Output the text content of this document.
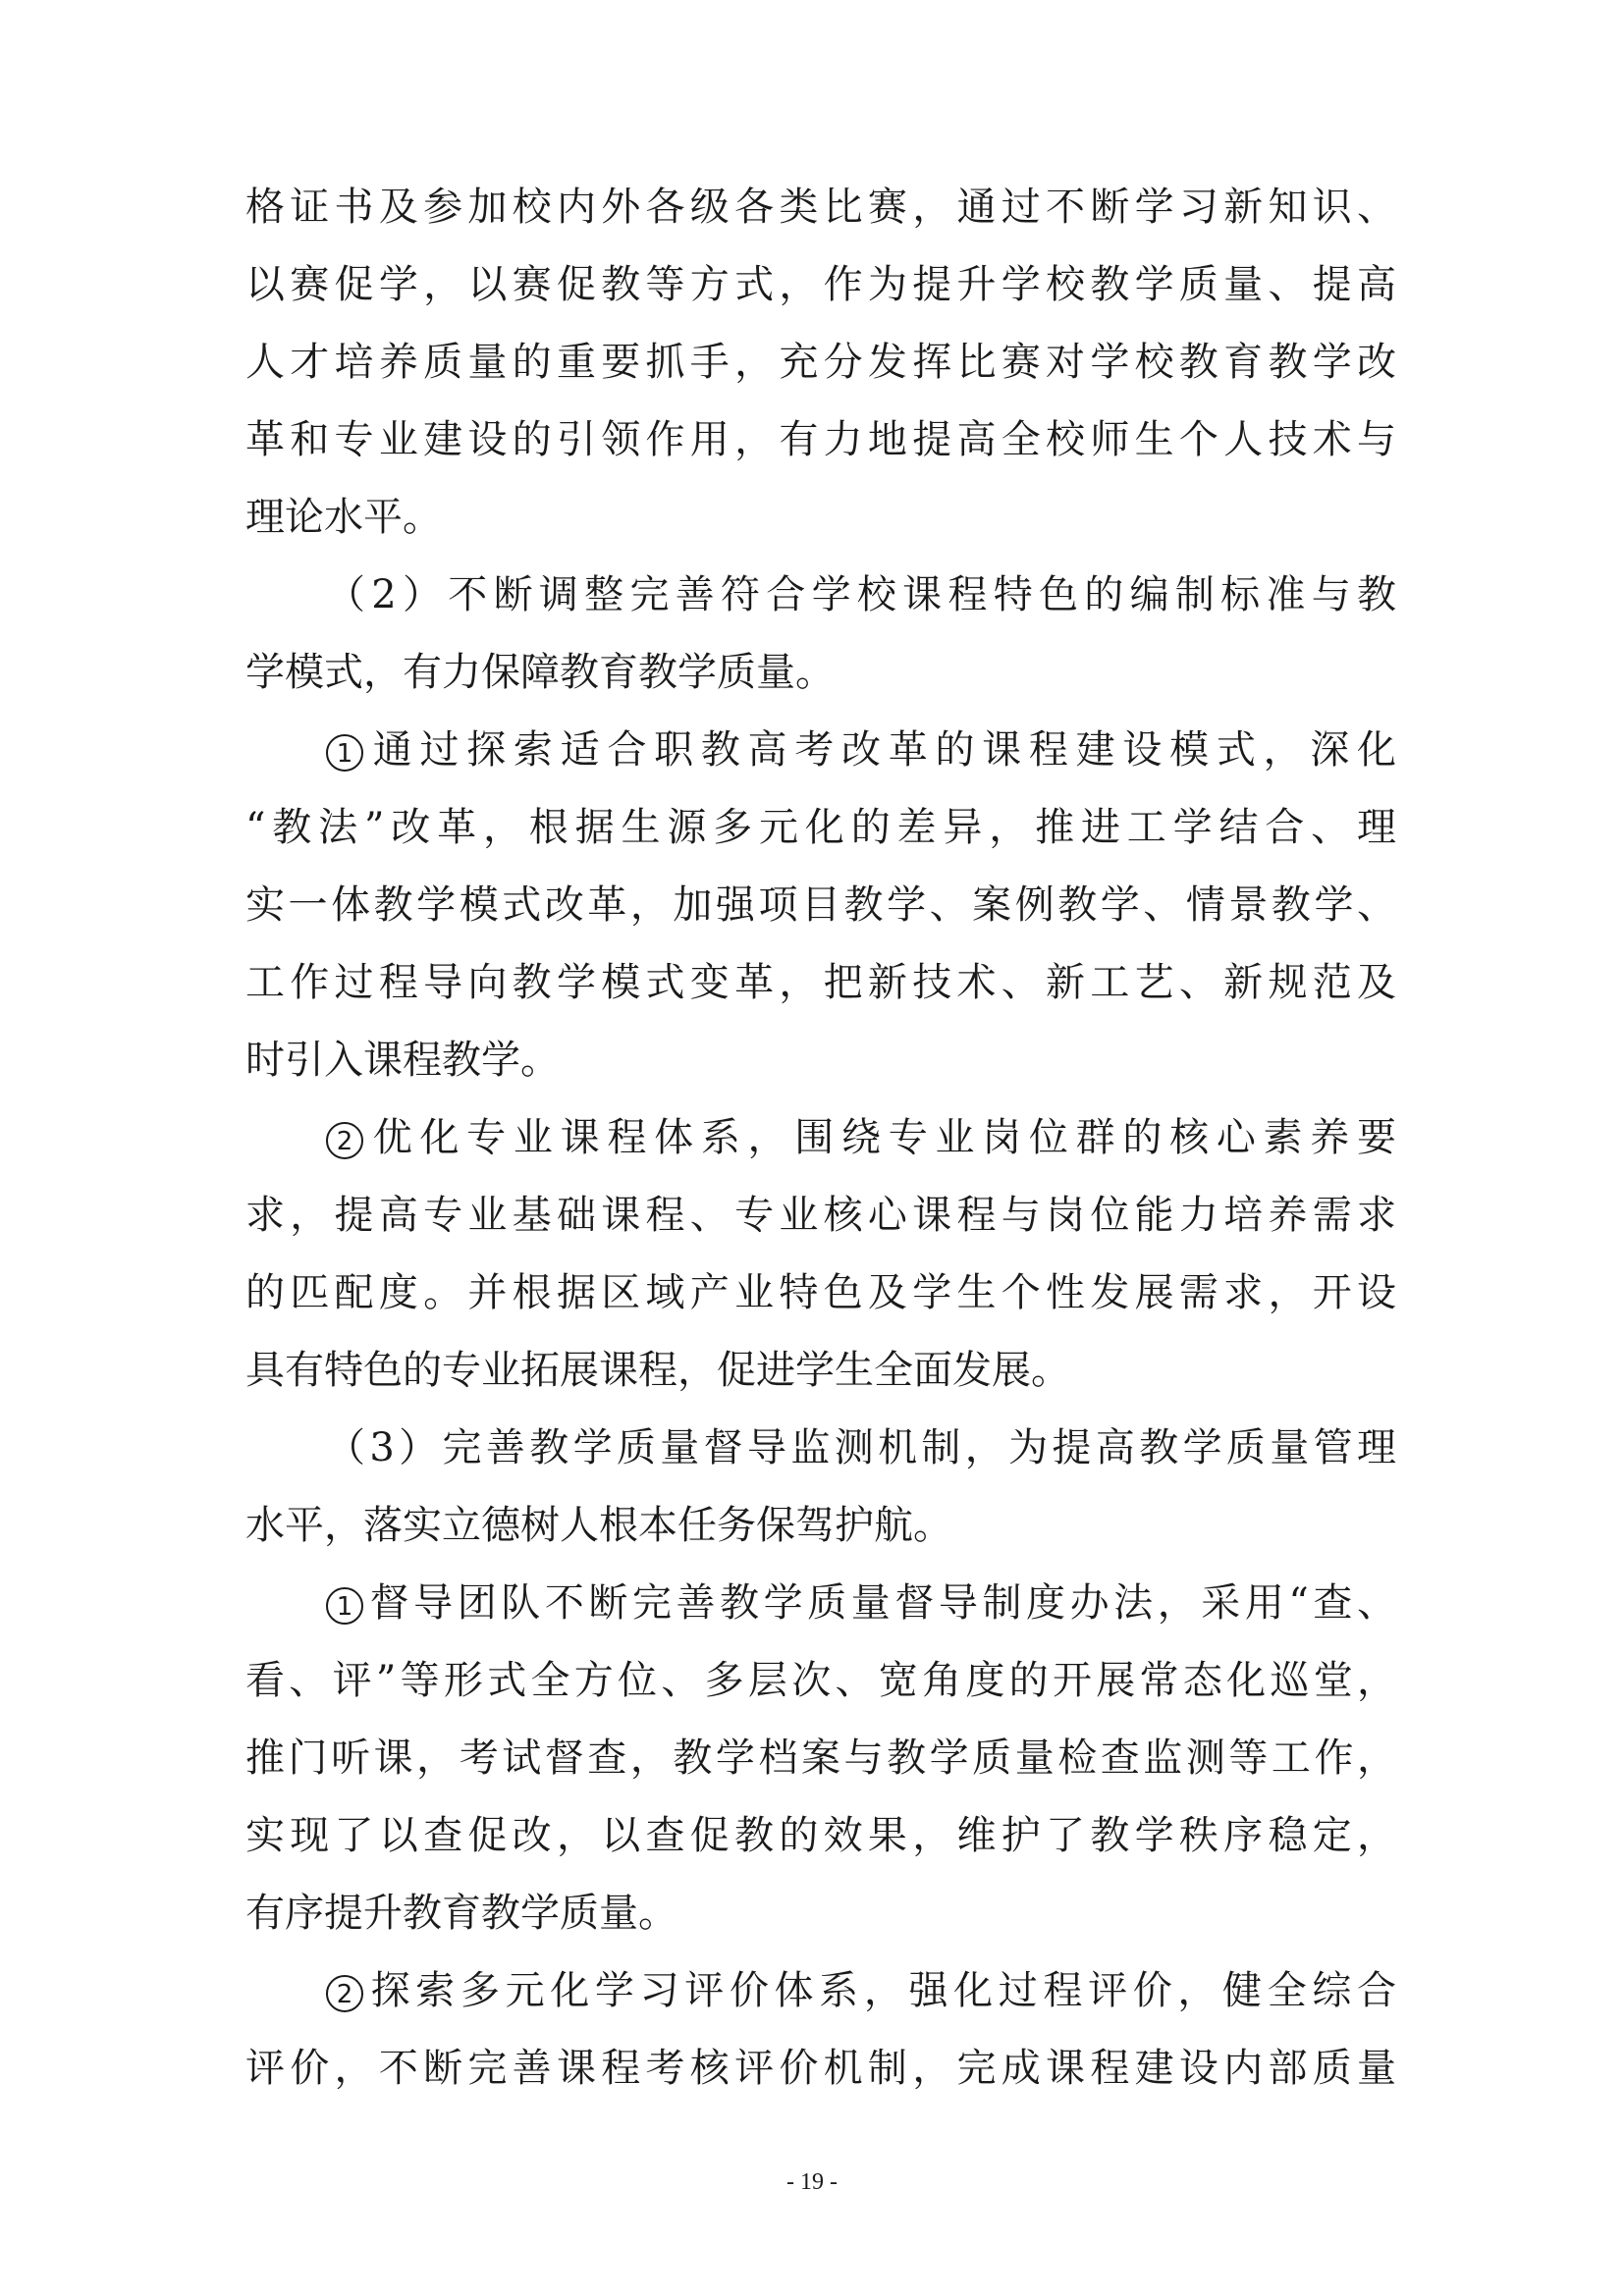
格证书及参加校内外各级各类比赛，通过不断学习新知识、
以赛促学，以赛促教等方式，作为提升学校教学质量、提高
人才培养质量的重要抓手，充分发挥比赛对学校教育教学改
革和专业建设的引领作用，有力地提高全校师生个人技术与
理论水平。
（2）不断调整完善符合学校课程特色的编制标准与教
学模式，有力保障教育教学质量。
1 通过探索适合职教高考改革的课程建设模式，深化
“教法”改革，根据生源多元化的差异，推进工学结合、理
实一体教学模式改革，加强项目教学、案例教学、情景教学、
工作过程导向教学模式变革，把新技术、新工艺、新规范及
时引入课程教学。
2 优化专业课程体系，围绕专业岗位群的核心素养要
求，提高专业基础课程、专业核心课程与岗位能力培养需求
的匹配度。并根据区域产业特色及学生个性发展需求，开设
具有特色的专业拓展课程，促进学生全面发展。
（3）完善教学质量督导监测机制，为提高教学质量管理
水平，落实立德树人根本任务保驾护航。
1 督导团队不断完善教学质量督导制度办法，采用“查、
看、评”等形式全方位、多层次、宽角度的开展常态化巡堂，
推门听课，考试督查，教学档案与教学质量检查监测等工作，
实现了以查促改，以查促教的效果，维护了教学秩序稳定，
有序提升教育教学质量。
2 探索多元化学习评价体系，强化过程评价，健全综合
评价，不断完善课程考核评价机制，完成课程建设内部质量
- 19 -
